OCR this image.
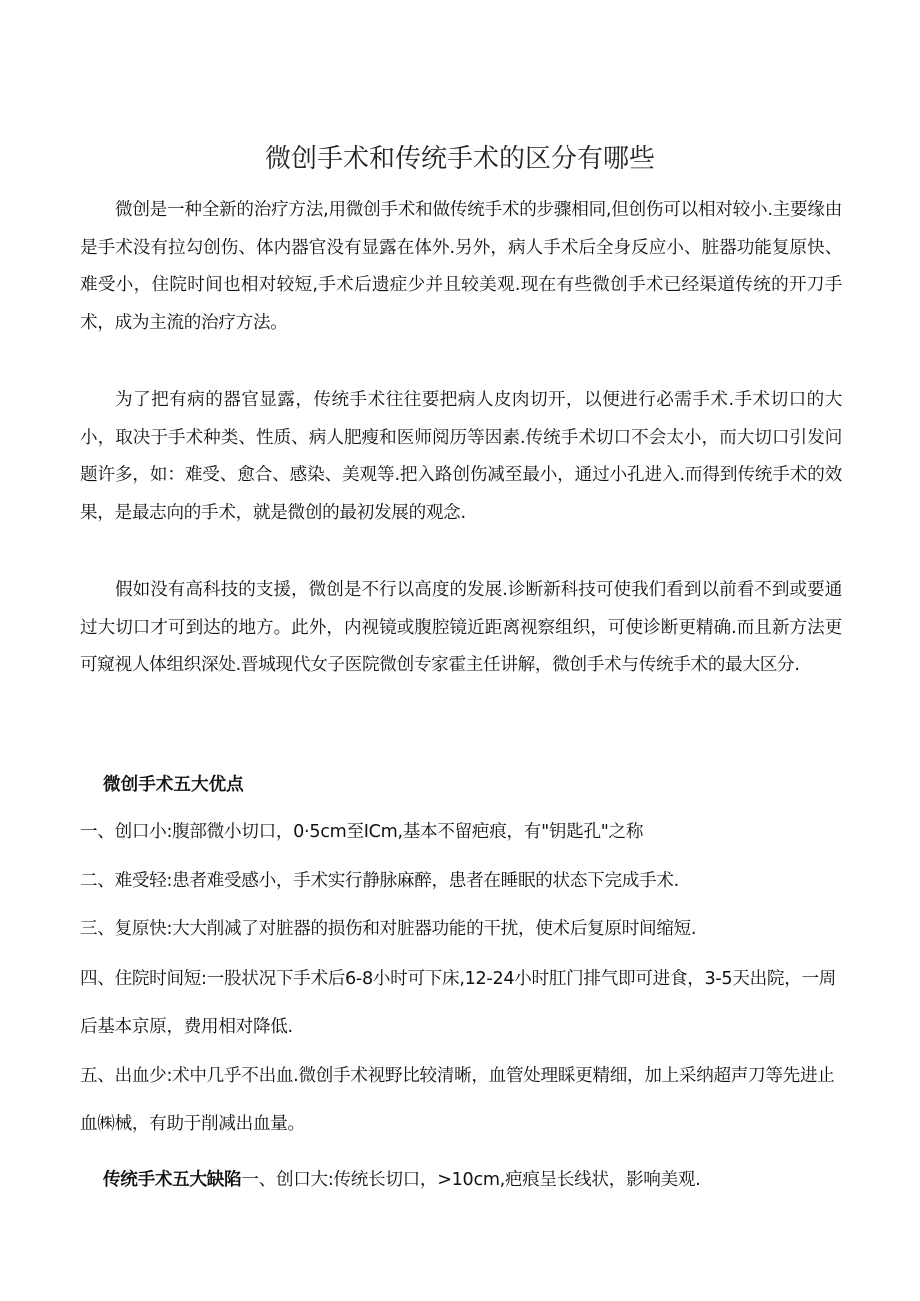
微创手术和传统手术的区分有哪些

微创是一种全新的治疗方法,用微创手术和做传统手术的步骤相同,但创伤可以相对较小.主要缘由是手术没有拉勾创伤、体内器官没有显露在体外.另外，病人手术后全身反应小、脏器功能复原快、难受小，住院时间也相对较短,手术后遗症少并且较美观.现在有些微创手术已经渠道传统的开刀手术，成为主流的治疗方法。

为了把有病的器官显露，传统手术往往要把病人皮肉切开，以便进行必需手术.手术切口的大小，取决于手术种类、性质、病人肥瘦和医师阅历等因素.传统手术切口不会太小，而大切口引发问题许多，如：难受、愈合、感染、美观等.把入路创伤减至最小，通过小孔进入.而得到传统手术的效果，是最志向的手术，就是微创的最初发展的观念.

假如没有高科技的支援，微创是不行以高度的发展.诊断新科技可使我们看到以前看不到或要通过大切口才可到达的地方。此外，内视镜或腹腔镜近距离视察组织，可使诊断更精确.而且新方法更可窥视人体组织深处.晋城现代女子医院微创专家霍主任讲解，微创手术与传统手术的最大区分.

微创手术五大优点

一、创口小:腹部微小切口，0·5cm至ICm,基本不留疤痕，有"钥匙孔"之称

二、难受轻:患者难受感小，手术实行静脉麻醉，患者在睡眠的状态下完成手术.

三、复原快:大大削减了对脏器的损伤和对脏器功能的干扰，使术后复原时间缩短.

四、住院时间短:一股状况下手术后6-8小时可下床,12-24小时肛门排气即可进食，3-5天出院，一周后基本京原，费用相对降低.

五、出血少:术中几乎不出血.微创手术视野比较清晰，血管处理睬更精细，加上采纳超声刀等先进止血㈱械，有助于削减出血量。

传统手术五大缺陷一、创口大:传统长切口，>10cm,疤痕呈长线状，影响美观.
